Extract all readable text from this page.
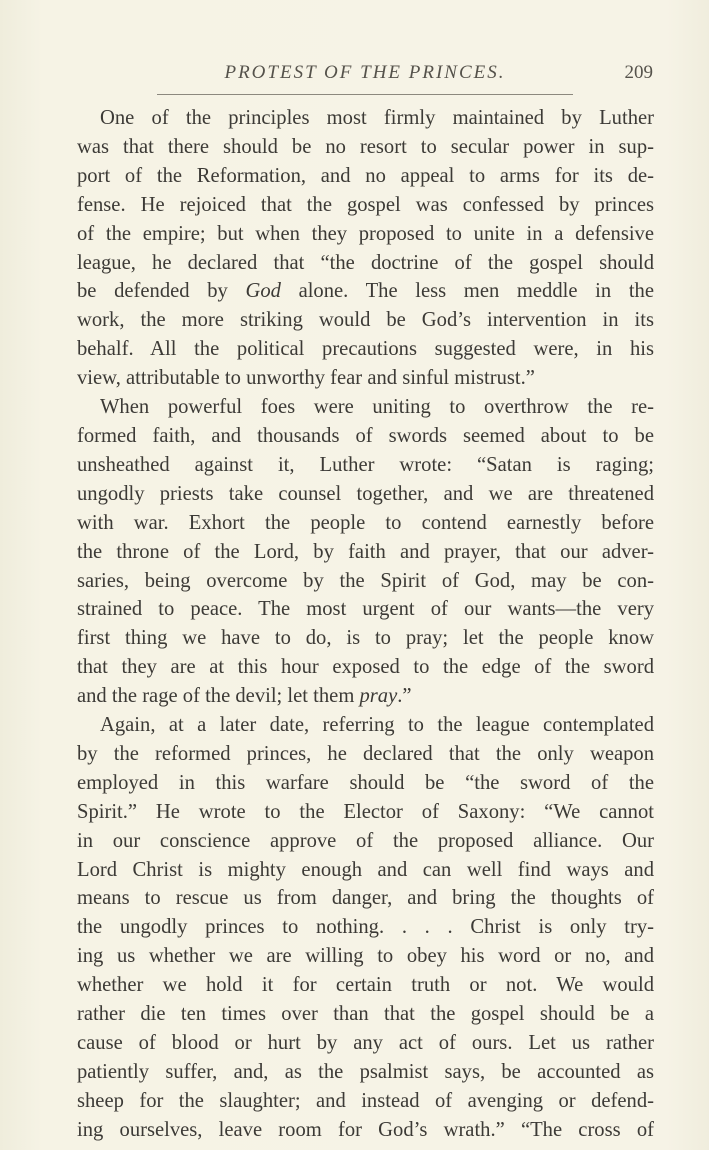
PROTEST OF THE PRINCES.	209

One of the principles most firmly maintained by Luther
was that there should be no resort to secular power in sup-
port of the Reformation, and no appeal to arms for its de-
fense. He rejoiced that the gospel was confessed by princes
of the empire; but when they proposed to unite in a defensive
league, he declared that “the doctrine of the gospel should
be defended by God alone. The less men meddle in the
work, the more striking would be God’s intervention in its
behalf. All the political precautions suggested were, in his
view, attributable to unworthy fear and sinful mistrust.”

When powerful foes were uniting to overthrow the re-
formed faith, and thousands of swords seemed about to be
unsheathed against it, Luther wrote: “Satan is raging;
ungodly priests take counsel together, and we are threatened
with war. Exhort the people to contend earnestly before
the throne of the Lord, by faith and prayer, that our adver-
saries, being overcome by the Spirit of God, may be con-
strained to peace. The most urgent of our wants—the very
first thing we have to do, is to pray; let the people know
that they are at this hour exposed to the edge of the sword
and the rage of the devil; let them pray.”

Again, at a later date, referring to the league contemplated
by the reformed princes, he declared that the only weapon
employed in this warfare should be “the sword of the
Spirit.” He wrote to the Elector of Saxony: “We cannot
in our conscience approve of the proposed alliance. Our
Lord Christ is mighty enough and can well find ways and
means to rescue us from danger, and bring the thoughts of
the ungodly princes to nothing. . . . Christ is only try-
ing us whether we are willing to obey his word or no, and
whether we hold it for certain truth or not. We would
rather die ten times over than that the gospel should be a
cause of blood or hurt by any act of ours. Let us rather
patiently suffer, and, as the psalmist says, be accounted as
sheep for the slaughter; and instead of avenging or defend-
ing ourselves, leave room for God’s wrath.” “The cross of
